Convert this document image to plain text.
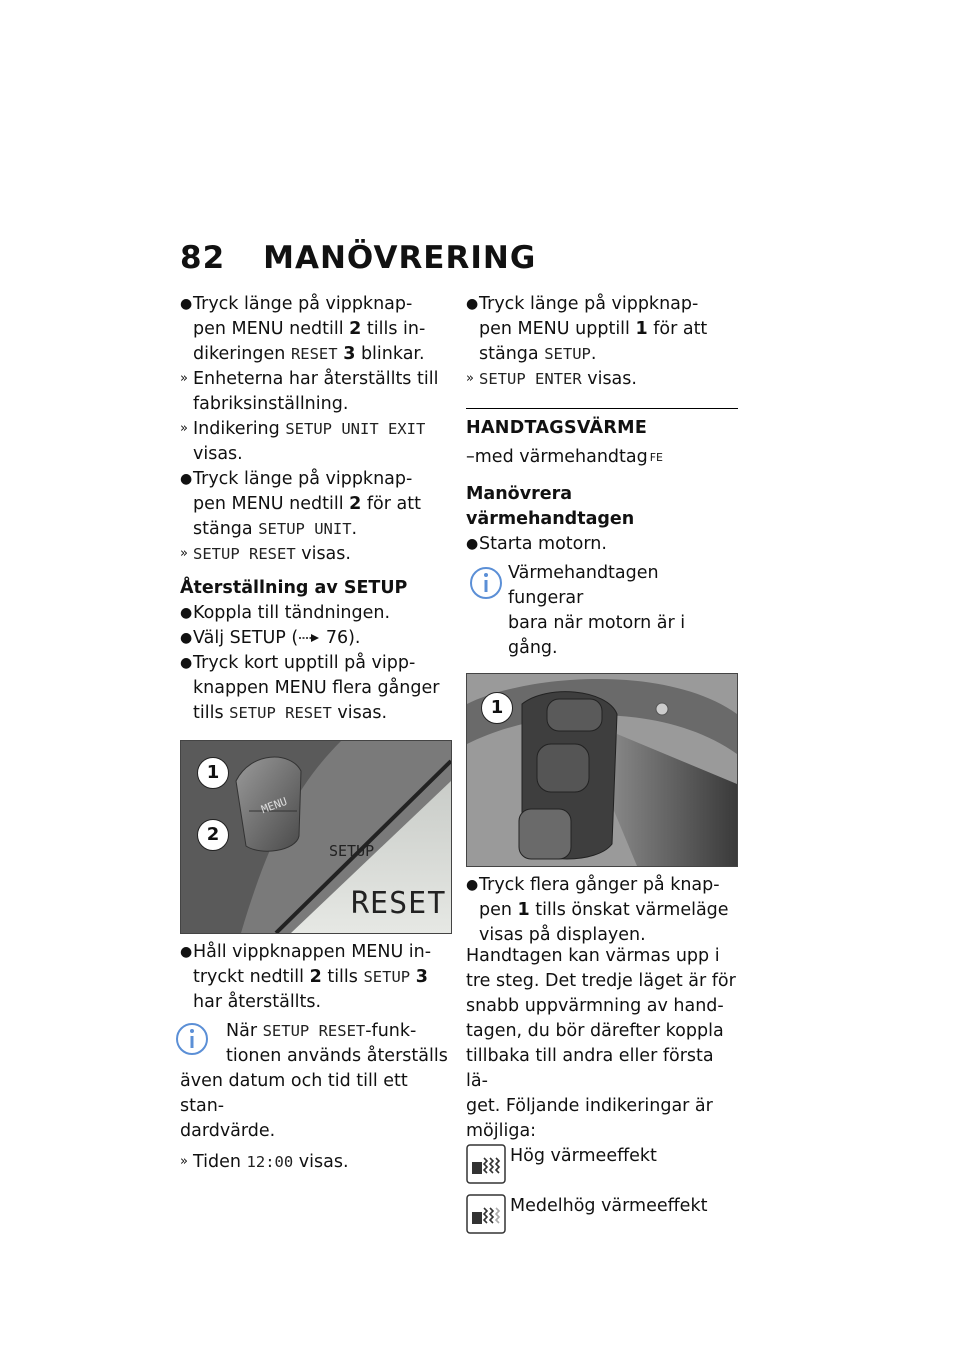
82 MANÖVRERING
● Tryck länge på vippknap-
pen MENU nedtill 2 tills in-
dikeringen RESET 3 blinkar.
» Enheterna har återställts till
fabriksinställning.
» Indikering SETUP UNIT EXIT
visas.
● Tryck länge på vippknap-
pen MENU nedtill 2 för att
stänga SETUP UNIT.
» SETUP RESET visas.
Återställning av SETUP
● Koppla till tändningen.
● Välj SETUP ( 76).
● Tryck kort upptill på vipp-
knappen MENU flera gånger
tills SETUP RESET visas.
1
2
MENU
SETUP
RESET
● Håll vippknappen MENU in-
tryckt nedtill 2 tills SETUP 3
har återställts.
När SETUP RESET-funk-
tionen används återställs
även datum och tid till ett stan-
dardvärde.
» Tiden 12:00 visas.
● Tryck länge på vippknap-
pen MENU upptill 1 för att
stänga SETUP.
» SETUP ENTER visas.
HANDTAGSVÄRME
–med värmehandtag $^{FE}$
Manövrera värmehandtagen
● Starta motorn.
Värmehandtagen fungerar
bara när motorn är i gång.
1
● Tryck flera gånger på knap-
pen 1 tills önskat värmeläge
visas på displayen.
Handtagen kan värmas upp i
tre steg. Det tredje läget är för
snabb uppvärmning av hand-
tagen, du bör därefter koppla
tillbaka till andra eller första lä-
get. Följande indikeringar är
möjliga:
Hög värmeeffekt
Medelhög värmeeffekt
